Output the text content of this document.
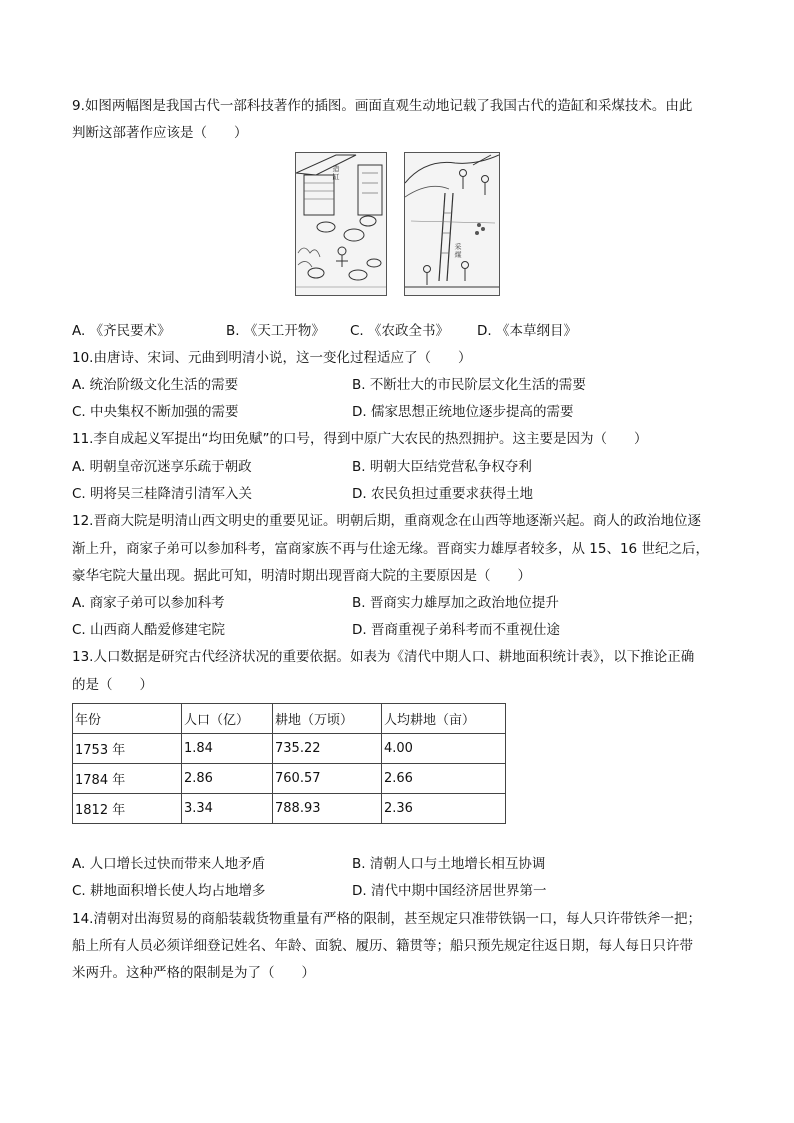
9.如图两幅图是我国古代一部科技著作的插图。画面直观生动地记载了我国古代的造缸和采煤技术。由此
判断这部著作应该是（　　）
造缸
采煤
A. 《齐民要术》	B. 《天工开物》 C. 《农政全书》 D. 《本草纲目》
10.由唐诗、宋词、元曲到明清小说，这一变化过程适应了（　　）
A. 统治阶级文化生活的需要	B. 不断壮大的市民阶层文化生活的需要
C. 中央集权不断加强的需要	D. 儒家思想正统地位逐步提高的需要
11.李自成起义军提出“均田免赋”的口号，得到中原广大农民的热烈拥护。这主要是因为（　　）
A. 明朝皇帝沉迷享乐疏于朝政	B. 明朝大臣结党营私争权夺利
C. 明将吴三桂降清引清军入关	D. 农民负担过重要求获得土地
12.晋商大院是明清山西文明史的重要见证。明朝后期，重商观念在山西等地逐渐兴起。商人的政治地位逐
渐上升，商家子弟可以参加科考，富商家族不再与仕途无缘。晋商实力雄厚者较多，从 15、16 世纪之后，
豪华宅院大量出现。据此可知，明清时期出现晋商大院的主要原因是（　　）
A. 商家子弟可以参加科考	B. 晋商实力雄厚加之政治地位提升
C. 山西商人酷爱修建宅院	D. 晋商重视子弟科考而不重视仕途
13.人口数据是研究古代经济状况的重要依据。如表为《清代中期人口、耕地面积统计表》，以下推论正确
的是（　　）
年份	人口（亿）	耕地（万顷）	人均耕地（亩）
1753 年	1.84	735.22	4.00
1784 年	2.86	760.57	2.66
1812 年	3.34	788.93	2.36
A. 人口增长过快而带来人地矛盾	B. 清朝人口与土地增长相互协调
C. 耕地面积增长使人均占地增多	D. 清代中期中国经济居世界第一
14.清朝对出海贸易的商船装载货物重量有严格的限制，甚至规定只准带铁锅一口，每人只许带铁斧一把；
船上所有人员必须详细登记姓名、年龄、面貌、履历、籍贯等；船只预先规定往返日期，每人每日只许带
米两升。这种严格的限制是为了（　　）
